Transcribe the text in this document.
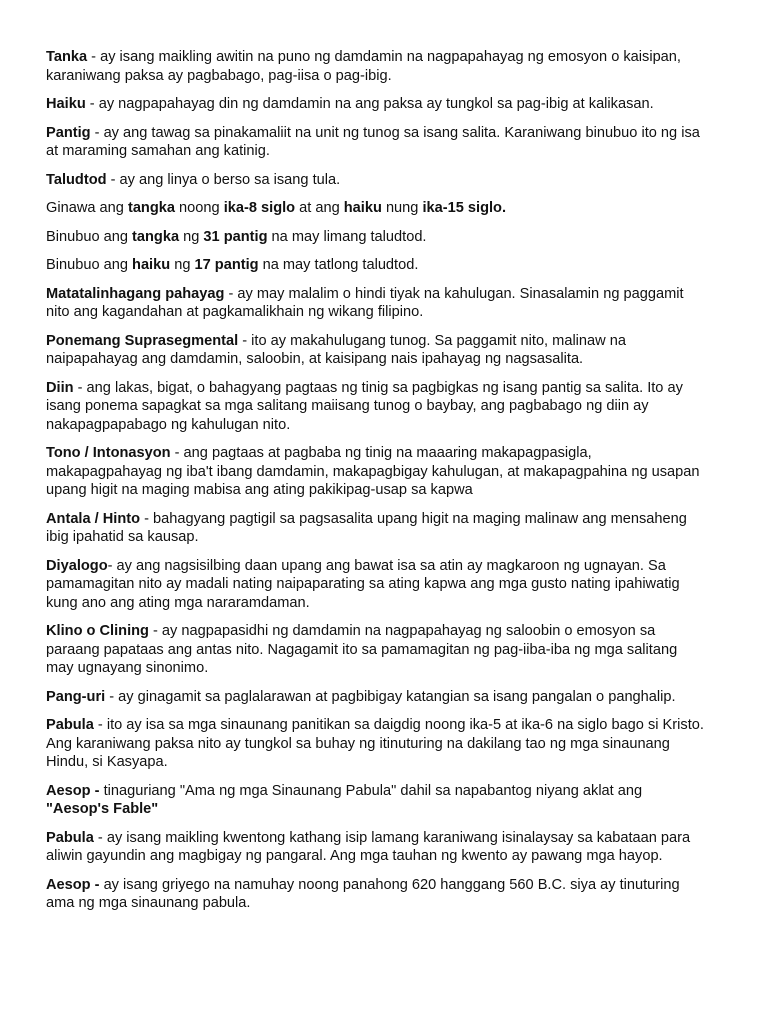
Tanka - ay isang maikling awitin na puno ng damdamin na nagpapahayag ng emosyon o kaisipan, karaniwang paksa ay pagbabago, pag-iisa o pag-ibig.

Haiku - ay nagpapahayag din ng damdamin na ang paksa ay tungkol sa pag-ibig at kalikasan.

Pantig - ay ang tawag sa pinakamaliit na unit ng tunog sa isang salita. Karaniwang binubuo ito ng isa at maraming samahan ang katinig.

Taludtod - ay ang linya o berso sa isang tula.

Ginawa ang tangka noong ika-8 siglo at ang haiku nung ika-15 siglo.

Binubuo ang tangka ng 31 pantig na may limang taludtod.

Binubuo ang haiku ng 17 pantig na may tatlong taludtod.

Matatalinhagang pahayag - ay may malalim o hindi tiyak na kahulugan. Sinasalamin ng paggamit nito ang kagandahan at pagkamalikhain ng wikang filipino.

Ponemang Suprasegmental - ito ay makahulugang tunog. Sa paggamit nito, malinaw na naipapahayag ang damdamin, saloobin, at kaisipang nais ipahayag ng nagsasalita.

Diin - ang lakas, bigat, o bahagyang pagtaas ng tinig sa pagbigkas ng isang pantig sa salita. Ito ay isang ponema sapagkat sa mga salitang maiisang tunog o baybay, ang pagbabago ng diin ay nakapagpapabago ng kahulugan nito.

Tono / Intonasyon - ang pagtaas at pagbaba ng tinig na maaaring makapagpasigla, makapagpahayag ng iba't ibang damdamin, makapagbigay kahulugan, at makapagpahina ng usapan upang higit na maging mabisa ang ating pakikipag-usap sa kapwa

Antala / Hinto - bahagyang pagtigil sa pagsasalita upang higit na maging malinaw ang mensaheng ibig ipahatid sa kausap.

Diyalogo- ay ang nagsisilbing daan upang ang bawat isa sa atin ay magkaroon ng ugnayan. Sa pamamagitan nito ay madali nating naipaparating sa ating kapwa ang mga gusto nating ipahiwatig kung ano ang ating mga nararamdaman.

Klino o Clining - ay nagpapasidhi ng damdamin na nagpapahayag ng saloobin o emosyon sa paraang papataas ang antas nito. Nagagamit ito sa pamamagitan ng pag-iiba-iba ng mga salitang may ugnayang sinonimo.

Pang-uri - ay ginagamit sa paglalarawan at pagbibigay katangian sa isang pangalan o panghalip.

Pabula - ito ay isa sa mga sinaunang panitikan sa daigdig noong ika-5 at ika-6 na siglo bago si Kristo. Ang karaniwang paksa nito ay tungkol sa buhay ng itinuturing na dakilang tao ng mga sinaunang Hindu, si Kasyapa.

Aesop - tinaguriang "Ama ng mga Sinaunang Pabula" dahil sa napabantog niyang aklat ang "Aesop's Fable"

Pabula - ay isang maikling kwentong kathang isip lamang karaniwang isinalaysay sa kabataan para aliwin gayundin ang magbigay ng pangaral. Ang mga tauhan ng kwento ay pawang mga hayop.

Aesop - ay isang griyego na namuhay noong panahong 620 hanggang 560 B.C. siya ay tinuturing ama ng mga sinaunang pabula.
